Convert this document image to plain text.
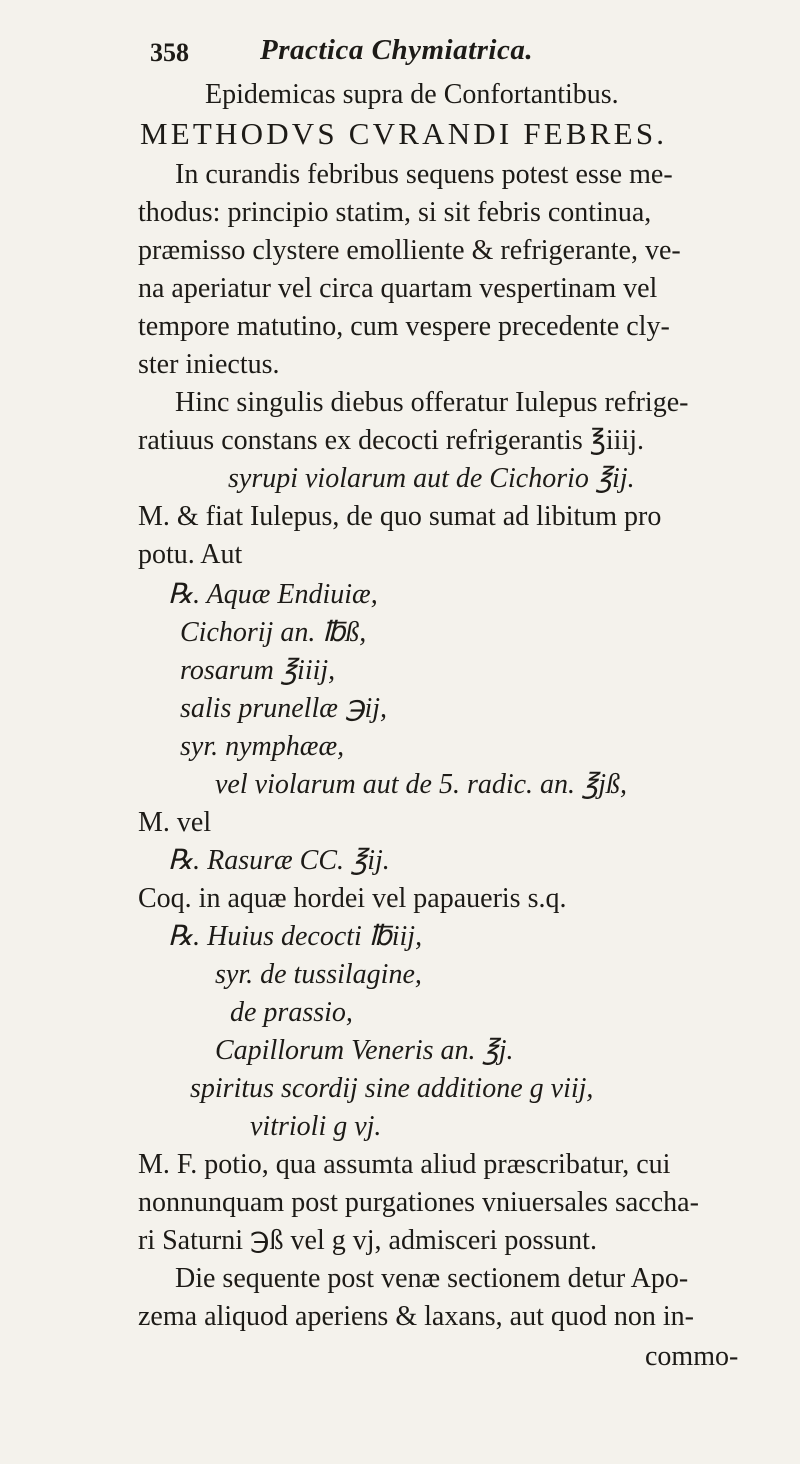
358 Practica Chymiatrica.
Epidemicas supra de Confortantibus.
METHODVS CVRANDI FEBRES.
In curandis febribus sequens potest esse me-
thodus: principio statim, si sit febris continua,
præmisso clystere emolliente & refrigerante, ve-
na aperiatur vel circa quartam vespertinam vel
tempore matutino, cum vespere precedente cly-
ster iniectus.
Hinc singulis diebus offeratur Iulepus refrige-
ratiuus constans ex decocti refrigerantis ℥iiij.
syrupi violarum aut de Cichorio ℥ij.
M. & fiat Iulepus, de quo sumat ad libitum pro
potu. Aut
℞. Aquæ Endiuiæ,
Cichorij an. ℔ß,
rosarum ℥iiij,
salis prunellæ ℈ij,
syr. nymphææ,
vel violarum aut de 5. radic. an. ℥jß,
M. vel
℞. Rasuræ CC. ℥ij.
Coq. in aquæ hordei vel papaueris s.q.
℞. Huius decocti ℔iij,
syr. de tussilagine,
de prassio,
Capillorum Veneris an. ℥j.
spiritus scordij sine additione g viij,
vitrioli g vj.
M. F. potio, qua assumta aliud præscribatur, cui
nonnunquam post purgationes vniuersales saccha-
ri Saturni ℈ß vel g vj, admisceri possunt.
Die sequente post venæ sectionem detur Apo-
zema aliquod aperiens & laxans, aut quod non in-
commo-
